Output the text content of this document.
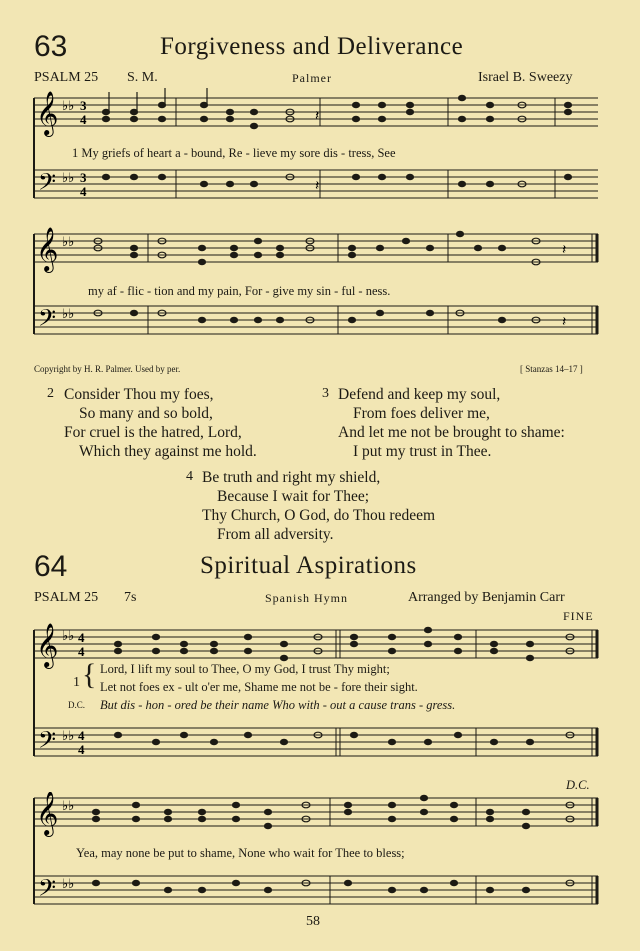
63	Forgiveness and Deliverance
PSALM 25 S. M.	Palmer	Israel B. Sweezy
𝄞
𝄢
♭♭
♭♭
3
4
3
4
𝄽
𝄽
1 My griefs of heart a - bound, Re - lieve my sore dis - tress, See
𝄞
𝄢
♭♭
♭♭
𝄽
𝄽
my af - flic - tion and my pain, For - give my sin - ful - ness.
Copyright by H. R. Palmer. Used by per.	[ Stanzas 14–17 ]
2 Consider Thou my foes,
So many and so bold,
For cruel is the hatred, Lord,
Which they against me hold.
3 Defend and keep my soul,
From foes deliver me,
And let me not be brought to shame:
I put my trust in Thee.
4 Be truth and right my shield,
Because I wait for Thee;
Thy Church, O God, do Thou redeem
From all adversity.
64	Spiritual Aspirations
PSALM 25 7s	Spanish Hymn	Arranged by Benjamin Carr
FINE
𝄞
𝄢
♭♭
♭♭
4
4
4
4
1 { Lord, I lift my soul to Thee, O my God, I trust Thy might;
Let not foes ex - ult o'er me, Shame me not be - fore their sight.
D.C. But dis - hon - ored be their name Who with - out a cause trans - gress.
D.C.
𝄞
𝄢
♭♭
♭♭
Yea, may none be put to shame, None who wait for Thee to bless;
58
